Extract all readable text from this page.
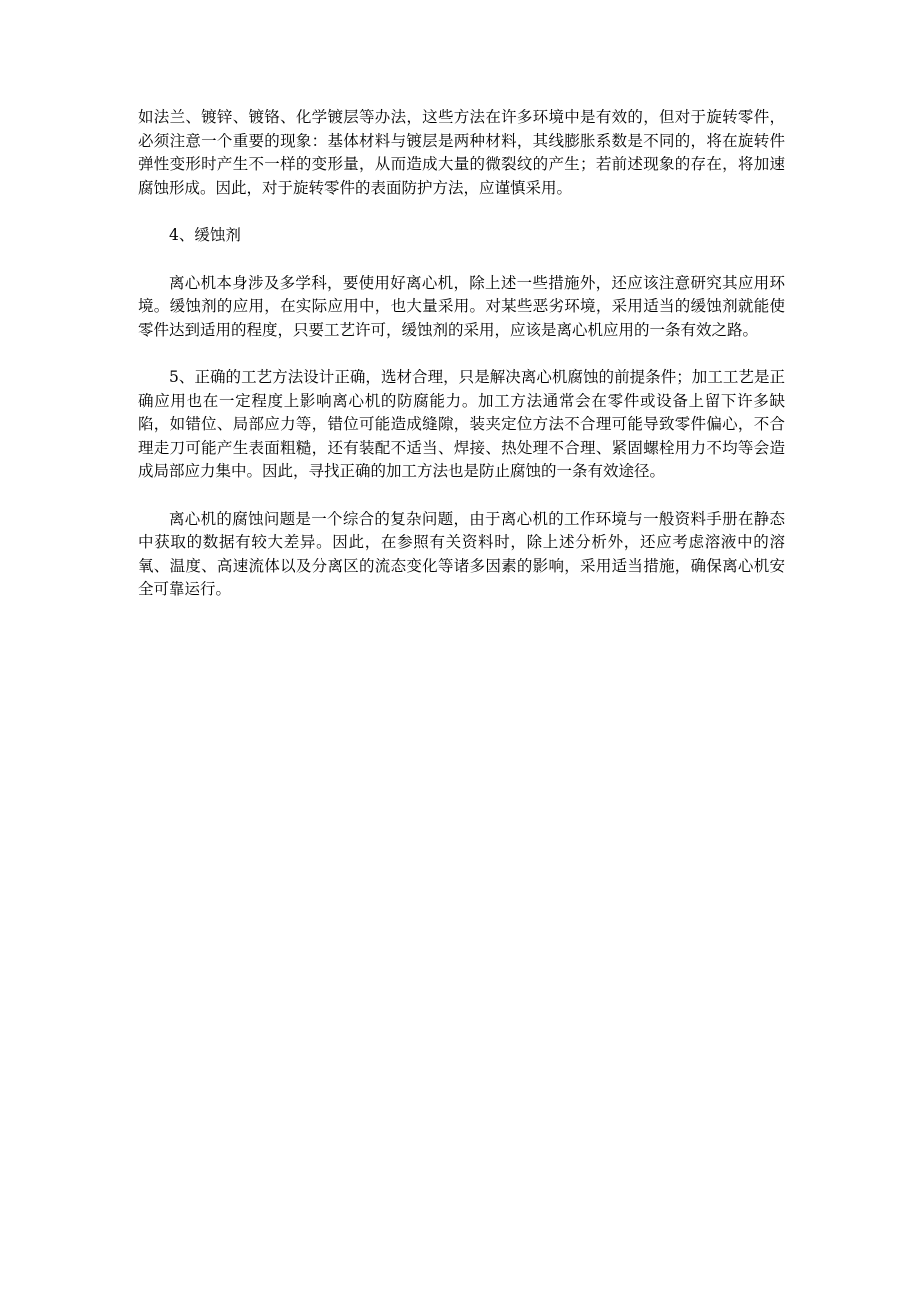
如法兰、镀锌、镀铬、化学镀层等办法，这些方法在许多环境中是有效的，但对于旋转零件，必须注意一个重要的现象：基体材料与镀层是两种材料，其线膨胀系数是不同的，将在旋转件弹性变形时产生不一样的变形量，从而造成大量的微裂纹的产生；若前述现象的存在，将加速腐蚀形成。因此，对于旋转零件的表面防护方法，应谨慎采用。

4、缓蚀剂

离心机本身涉及多学科，要使用好离心机，除上述一些措施外，还应该注意研究其应用环境。缓蚀剂的应用，在实际应用中，也大量采用。对某些恶劣环境，采用适当的缓蚀剂就能使零件达到适用的程度，只要工艺许可，缓蚀剂的采用，应该是离心机应用的一条有效之路。

5、正确的工艺方法设计正确，选材合理，只是解决离心机腐蚀的前提条件；加工工艺是正确应用也在一定程度上影响离心机的防腐能力。加工方法通常会在零件或设备上留下许多缺陷，如错位、局部应力等，错位可能造成缝隙，装夹定位方法不合理可能导致零件偏心，不合理走刀可能产生表面粗糙，还有装配不适当、焊接、热处理不合理、紧固螺栓用力不均等会造成局部应力集中。因此，寻找正确的加工方法也是防止腐蚀的一条有效途径。

离心机的腐蚀问题是一个综合的复杂问题，由于离心机的工作环境与一般资料手册在静态中获取的数据有较大差异。因此，在参照有关资料时，除上述分析外，还应考虑溶液中的溶氧、温度、高速流体以及分离区的流态变化等诸多因素的影响，采用适当措施，确保离心机安全可靠运行。
